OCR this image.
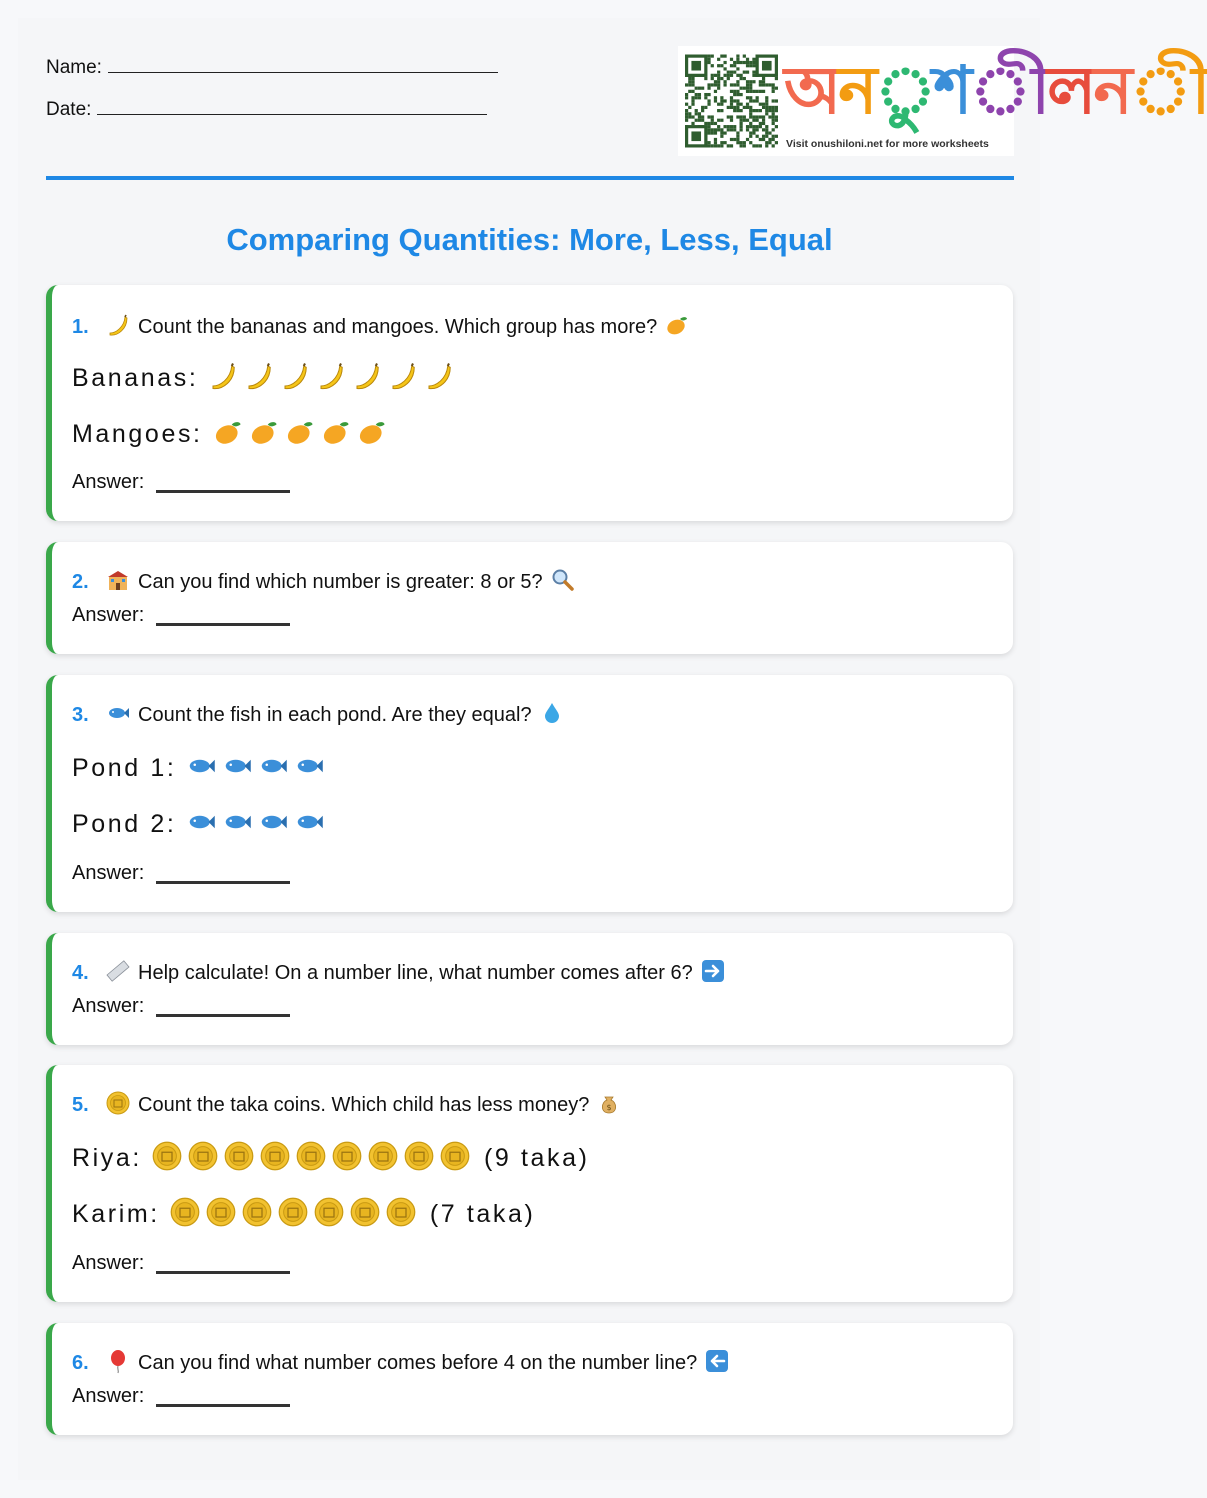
Name:
Date:	অনুশীলনী
Visit onushiloni.net for more worksheets
Comparing Quantities: More, Less, Equal
1. Count the bananas and mangoes. Which group has more?
Bananas:
Mangoes:
Answer:
2. Can you find which number is greater: 8 or 5?
Answer:
3. Count the fish in each pond. Are they equal?
Pond 1:
Pond 2:
Answer:
4. Help calculate! On a number line, what number comes after 6?
Answer:
5. Count the taka coins. Which child has less money? $
Riya:	(9 taka)
Karim:	(7 taka)
Answer:
6. Can you find what number comes before 4 on the number line?
Answer:
